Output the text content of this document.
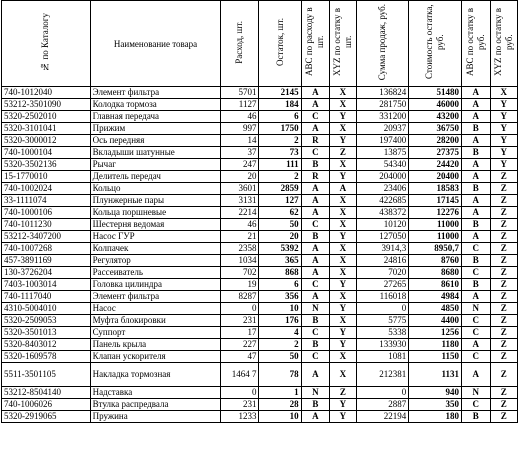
№ по Каталогу	Наименование товара	Расход, шт.	Остаток, шт.	ABC по расходу в шт.	XYZ по остатку в шт.	Сумма продаж, руб.	Стоимость остатка, руб.	ABC по остатку в руб.	XYZ по остатку в руб.
740-1012040	Элемент фильтра	5701	2145	A	X	136824	51480	A	X
53212-3501090	Колодка тормоза	1127	184	A	X	281750	46000	A	Y
5320-2502010	Главная передача	46	6	C	Y	331200	43200	A	Y
5320-3101041	Прижим	997	1750	A	X	20937	36750	B	Y
5320-3000012	Ось передняя	14	2	R	Y	197400	28200	A	Y
740-1000104	Вкладыши шатунные	37	73	C	Z	13875	27375	B	Y
5320-3502136	Рычаг	247	111	B	X	54340	24420	A	Y
15-1770010	Делитель передач	20	2	R	Y	204000	20400	A	Z
740-1002024	Кольцо	3601	2859	A	A	23406	18583	B	Z
33-1111074	Плунжерные пары	3131	127	A	X	422685	17145	A	Z
740-1000106	Кольца поршневые	2214	62	A	X	438372	12276	A	Z
740-1011230	Шестерня ведомая	46	50	C	X	10120	11000	B	Z
53212-3407200	Насос ГУР	21	20	B	Y	127050	11000	A	Z
740-1007268	Колпачек	2358	5392	A	X	3914,3	8950,7	C	Z
457-3891169	Регулятор	1034	365	A	X	24816	8760	B	Z
130-3726204	Рассеиватель	702	868	A	X	7020	8680	C	Z
7403-1003014	Головка цилиндра	19	6	C	Y	27265	8610	B	Z
740-1117040	Элемент фильтра	8287	356	A	X	116018	4984	A	Z
4310-5004010	Насос	0	10	N	Y	0	4850	N	Z
5320-2509053	Муфта блокировки	231	176	B	X	5775	4400	C	Z
5320-3501013	Суппорт	17	4	C	Y	5338	1256	C	Z
5320-8403012	Панель крыла	227	2	B	Y	133930	1180	A	Z
5320-1609578	Клапан ускорителя	47	50	C	X	1081	1150	C	Z
5511-3501105	Накладка тормозная	1464 7	78	A	X	212381	1131	A	Z
53212-8504140	Надставка	0	1	N	Z	0	940	N	Z
740-1006026	Втулка распредвала	231	28	B	Y	2887	350	C	Z
5320-2919065	Пружина	1233	10	A	Y	22194	180	B	Z
